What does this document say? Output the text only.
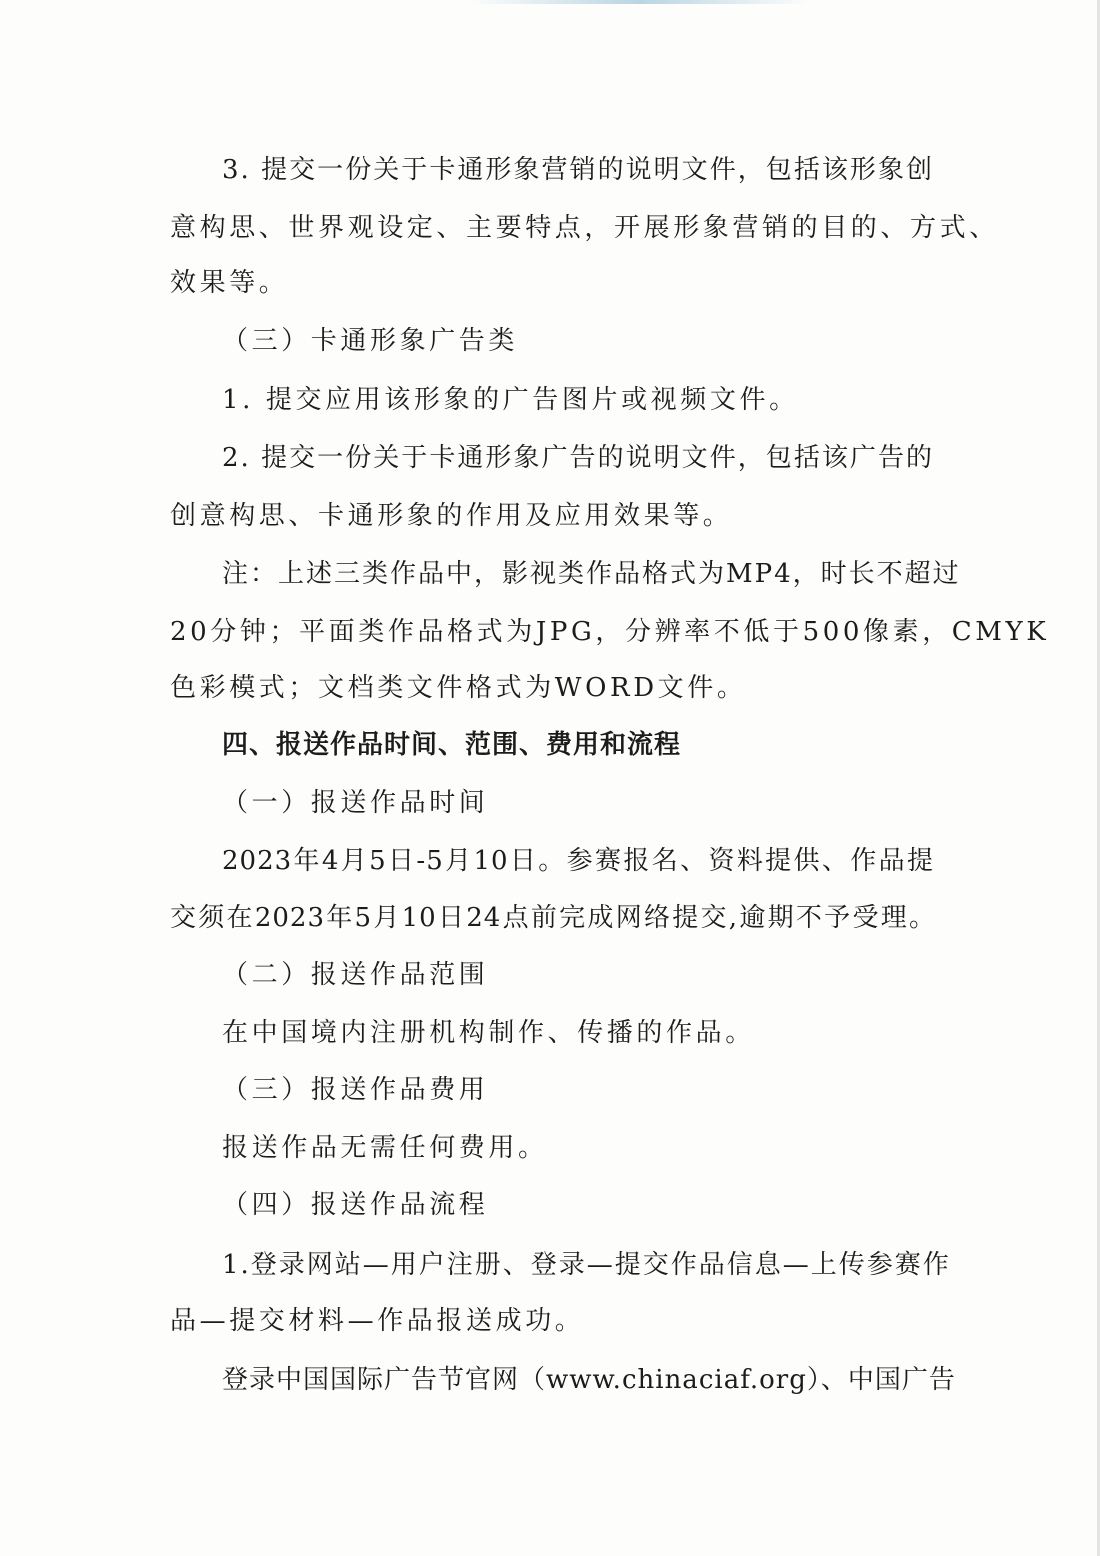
3. 提交一份关于卡通形象营销的说明文件，包括该形象创

意构思、世界观设定、主要特点，开展形象营销的目的、方式、

效果等。

（三）卡通形象广告类

1. 提交应用该形象的广告图片或视频文件。

2. 提交一份关于卡通形象广告的说明文件，包括该广告的

创意构思、卡通形象的作用及应用效果等。

注：上述三类作品中，影视类作品格式为MP4，时长不超过

20分钟；平面类作品格式为JPG，分辨率不低于500像素，CMYK

色彩模式；文档类文件格式为WORD文件。

四、报送作品时间、范围、费用和流程

（一）报送作品时间

2023年4月5日-5月10日。参赛报名、资料提供、作品提

交须在2023年5月10日24点前完成网络提交,逾期不予受理。

（二）报送作品范围

在中国境内注册机构制作、传播的作品。

（三）报送作品费用

报送作品无需任何费用。

（四）报送作品流程

1.登录网站—用户注册、登录—提交作品信息—上传参赛作

品—提交材料—作品报送成功。

登录中国国际广告节官网（www.chinaciaf.org）、中国广告
